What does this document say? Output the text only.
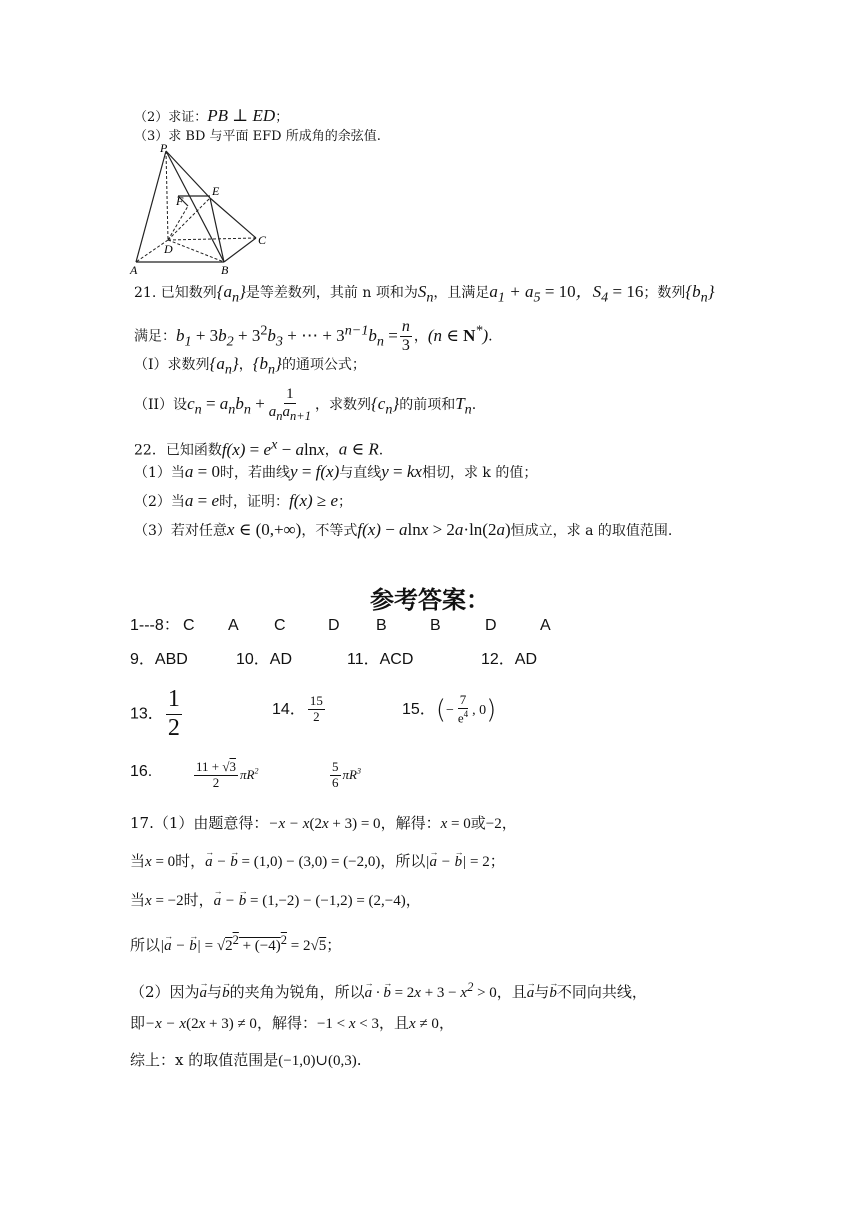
（2）求证：PB ⊥ ED；
（3）求 BD 与平面 EFD 所成角的余弦值.
P
E
F
D
C
A	B
21. 已知数列$\{a_n\}$是等差数列，其前 n 项和为$S_n$，且满足$a_1 + a_5 = 10$，$S_4 = 16$；数列$\{b_n\}$
满足：$b_1 + 3b_2 + 3^2b_3$ + ⋯ + $3^{n-1}b_n = \frac{n}{3}$ ，(n ∈ N*).
（I）求数列$\{a_n\}$，$\{b_n\}$的通项公式；
（II）设$c_n = a_nb_n + \frac{1}{a_na_{n+1}}$ ，求数列$\{c_n\}$的前项和$T_n$.
22．已知函数$f(x) = e^x - alnx$，a ∈ R.
（1）当a = 0时，若曲线y = f(x)与直线y = kx相切，求 k 的值；
（2）当a = e时，证明：f(x) ≥ e；
（3）若对任意x ∈ (0,+∞)，不等式f(x) − alnx > 2a·ln(2a)恒成立，求 a 的取值范围.
参考答案：
1---8： C A C	D B	B	D	A
9．ABD	10．AD	11．ACD	12．AD
13． $\frac{1}{2}$	14． $\frac{15}{2}$	15．(− $\frac{7}{e^4}$ , 0)
16.	$\frac{11 + √3}{2} \pi R^2$	$\frac{5}{6} \pi R^3$
17.（1）由题意得：−x − x(2x + 3) = 0，解得：x = 0或−2，
当x = 0时，→ a − → b = (1,0) − (3,0) = (−2,0)，所以|→ a − → b| = 2；
当x = −2时，→ a − → b = (1,−2) − (−1,2) = (2,−4)，
所以|→ a − → $b| = √2^2 + (-4)^2 = 2√5$；
（2）因为→ a与→ b的夹角为锐角，所以→ a · → $b = 2x + 3 - x^2 > 0$，且→ a与→ b不同向共线，
即−x − x(2x + 3) ≠ 0，解得：−1 < x < 3，且x ≠ 0，
综上：x 的取值范围是(−1,0)∪(0,3).
